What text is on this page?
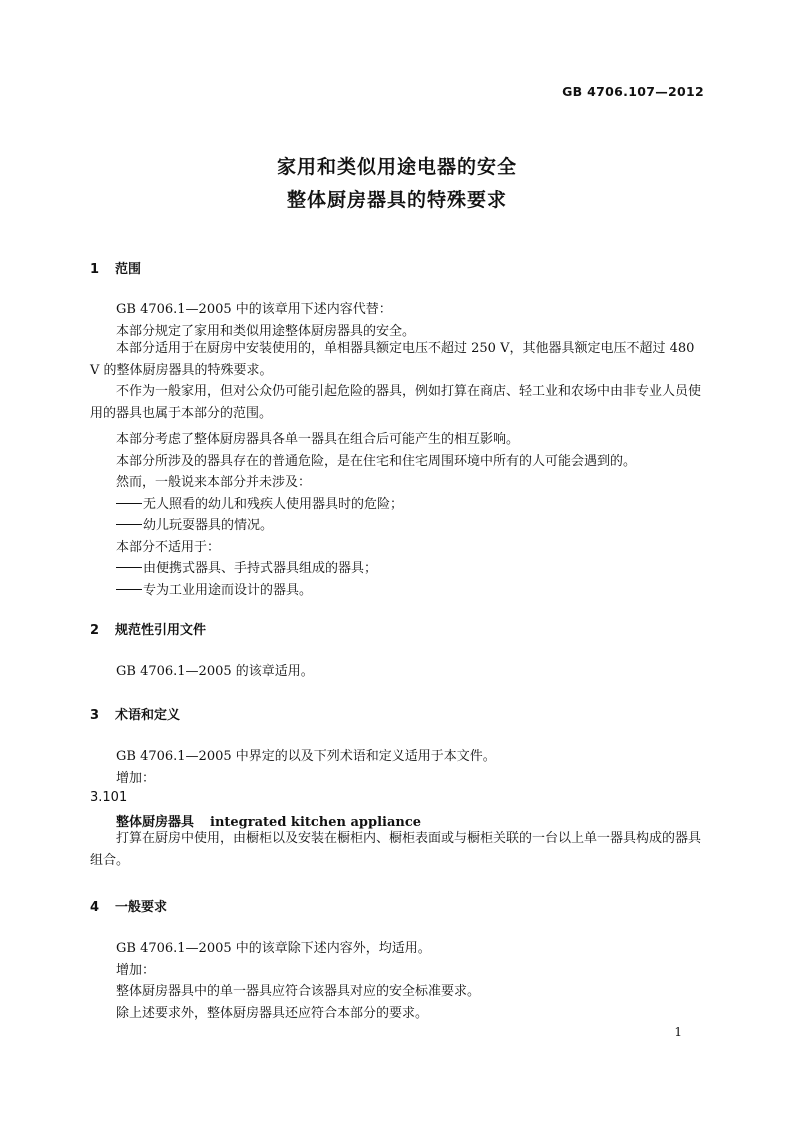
GB 4706.107—2012
家用和类似用途电器的安全
整体厨房器具的特殊要求
1 范围
GB 4706.1—2005 中的该章用下述内容代替：
本部分规定了家用和类似用途整体厨房器具的安全。

本部分适用于在厨房中安装使用的，单相器具额定电压不超过 250 V，其他器具额定电压不超过 480 V 的整体厨房器具的特殊要求。

不作为一般家用，但对公众仍可能引起危险的器具，例如打算在商店、轻工业和农场中由非专业人员使用的器具也属于本部分的范围。

本部分考虑了整体厨房器具各单一器具在组合后可能产生的相互影响。
本部分所涉及的器具存在的普通危险，是在住宅和住宅周围环境中所有的人可能会遇到的。
然而，一般说来本部分并未涉及：
无人照看的幼儿和残疾人使用器具时的危险；
幼儿玩耍器具的情况。
本部分不适用于：
由便携式器具、手持式器具组成的器具；
专为工业用途而设计的器具。
2 规范性引用文件
GB 4706.1—2005 的该章适用。
3 术语和定义
GB 4706.1—2005 中界定的以及下列术语和定义适用于本文件。
增加：
3.101
整体厨房器具 integrated kitchen appliance

打算在厨房中使用，由橱柜以及安装在橱柜内、橱柜表面或与橱柜关联的一台以上单一器具构成的器具组合。

4 一般要求
GB 4706.1—2005 中的该章除下述内容外，均适用。
增加：
整体厨房器具中的单一器具应符合该器具对应的安全标准要求。
除上述要求外，整体厨房器具还应符合本部分的要求。
1
